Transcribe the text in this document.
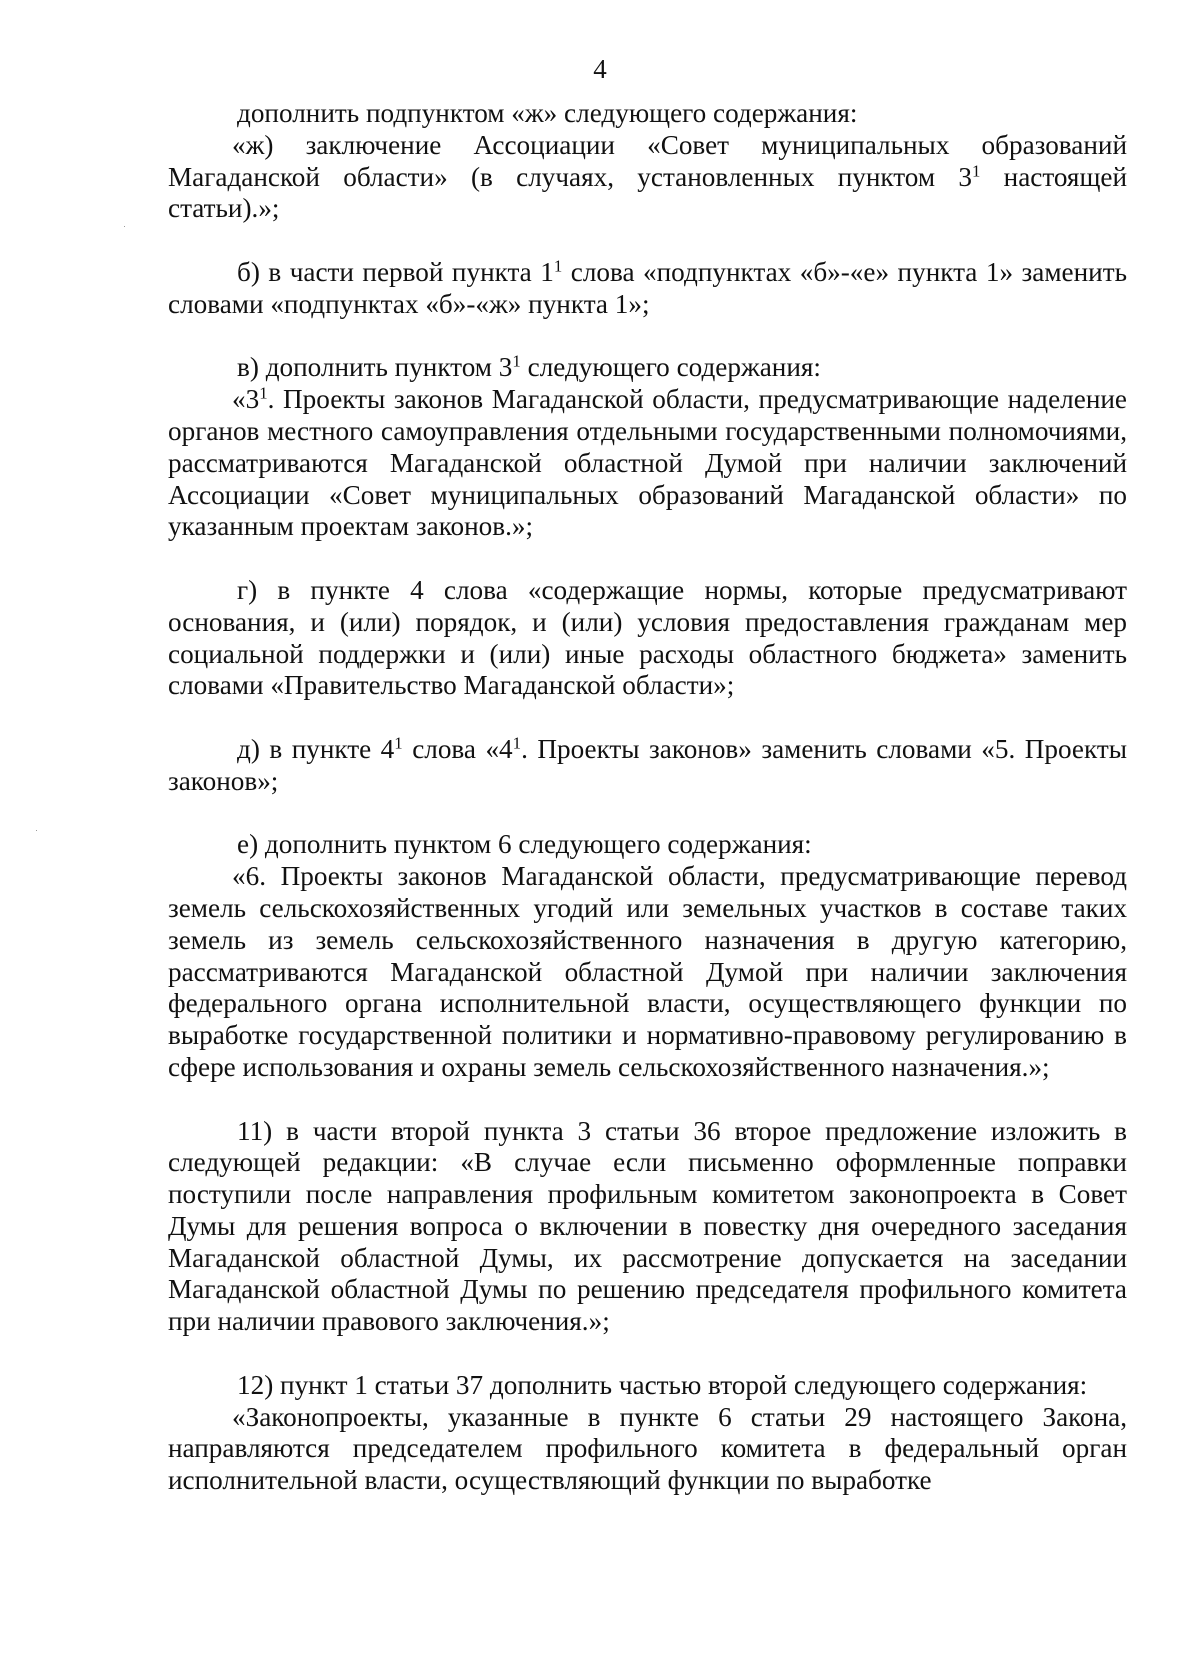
4

дополнить подпунктом «ж» следующего содержания:

«ж) заключение Ассоциации «Совет муниципальных образований Магаданской области» (в случаях, установленных пунктом $3^1$ настоящей статьи).»;

б) в части первой пункта $1^1$ слова «подпунктах «б»-«е» пункта 1» заменить словами «подпунктах «б»-«ж» пункта 1»;

в) дополнить пунктом $3^1$ следующего содержания:

«$3^1$. Проекты законов Магаданской области, предусматривающие наделение органов местного самоуправления отдельными государственными полномочиями, рассматриваются Магаданской областной Думой при наличии заключений Ассоциации «Совет муниципальных образований Магаданской области» по указанным проектам законов.»;

г) в пункте 4 слова «содержащие нормы, которые предусматривают основания, и (или) порядок, и (или) условия предоставления гражданам мер социальной поддержки и (или) иные расходы областного бюджета» заменить словами «Правительство Магаданской области»;

д) в пункте $4^1$ слова «$4^1$. Проекты законов» заменить словами «5. Проекты законов»;

е) дополнить пунктом 6 следующего содержания:

«6. Проекты законов Магаданской области, предусматривающие перевод земель сельскохозяйственных угодий или земельных участков в составе таких земель из земель сельскохозяйственного назначения в другую категорию, рассматриваются Магаданской областной Думой при наличии заключения федерального органа исполнительной власти, осуществляющего функции по выработке государственной политики и нормативно-правовому регулированию в сфере использования и охраны земель сельскохозяйственного назначения.»;

11) в части второй пункта 3 статьи 36 второе предложение изложить в следующей редакции: «В случае если письменно оформленные поправки поступили после направления профильным комитетом законопроекта в Совет Думы для решения вопроса о включении в повестку дня очередного заседания Магаданской областной Думы, их рассмотрение допускается на заседании Магаданской областной Думы по решению председателя профильного комитета при наличии правового заключения.»;

12) пункт 1 статьи 37 дополнить частью второй следующего содержания:

«Законопроекты, указанные в пункте 6 статьи 29 настоящего Закона, направляются председателем профильного комитета в федеральный орган исполнительной власти, осуществляющий функции по выработке
